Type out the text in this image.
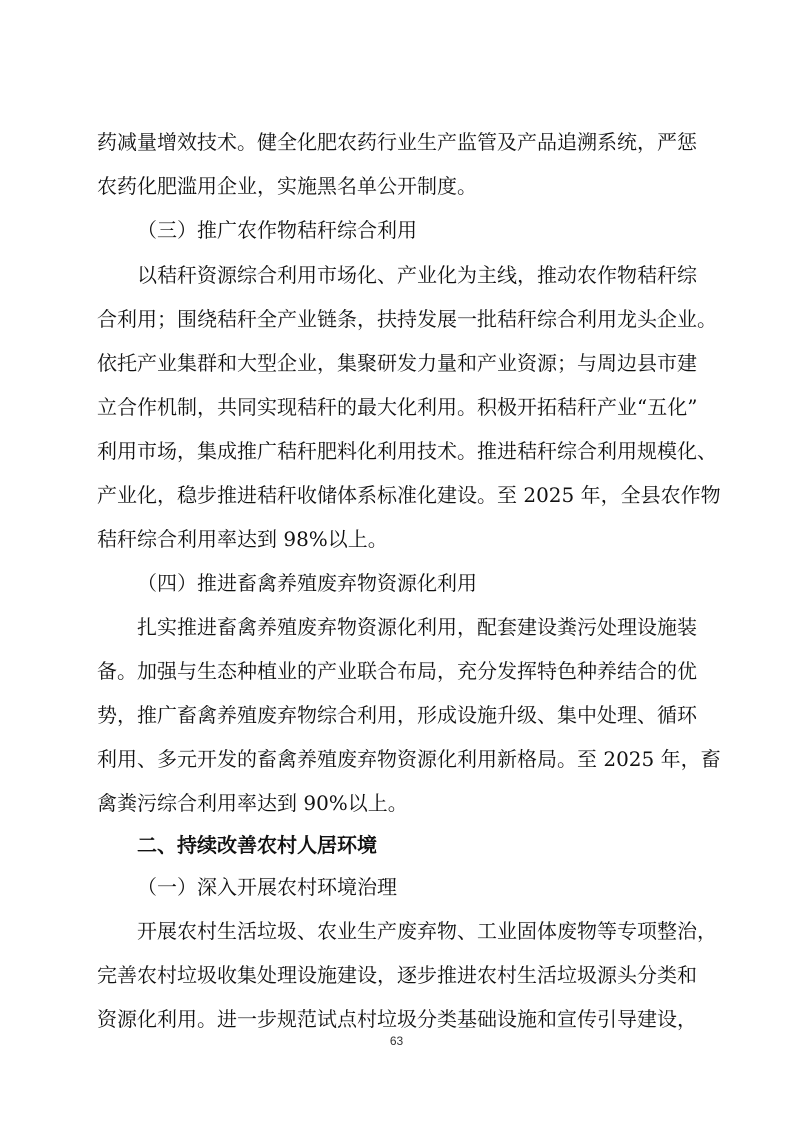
药减量增效技术。健全化肥农药行业生产监管及产品追溯系统，严惩
农药化肥滥用企业，实施黑名单公开制度。
（三）推广农作物秸秆综合利用
以秸秆资源综合利用市场化、产业化为主线，推动农作物秸秆综
合利用；围绕秸秆全产业链条，扶持发展一批秸秆综合利用龙头企业。
依托产业集群和大型企业，集聚研发力量和产业资源；与周边县市建
立合作机制，共同实现秸秆的最大化利用。积极开拓秸秆产业“五化”
利用市场，集成推广秸秆肥料化利用技术。推进秸秆综合利用规模化、
产业化，稳步推进秸秆收储体系标准化建设。至 2025 年，全县农作物
秸秆综合利用率达到 98%以上。
（四）推进畜禽养殖废弃物资源化利用
扎实推进畜禽养殖废弃物资源化利用，配套建设粪污处理设施装
备。加强与生态种植业的产业联合布局，充分发挥特色种养结合的优
势，推广畜禽养殖废弃物综合利用，形成设施升级、集中处理、循环
利用、多元开发的畜禽养殖废弃物资源化利用新格局。至 2025 年，畜
禽粪污综合利用率达到 90%以上。
二、持续改善农村人居环境
（一）深入开展农村环境治理
开展农村生活垃圾、农业生产废弃物、工业固体废物等专项整治，
完善农村垃圾收集处理设施建设，逐步推进农村生活垃圾源头分类和
资源化利用。进一步规范试点村垃圾分类基础设施和宣传引导建设，
63
